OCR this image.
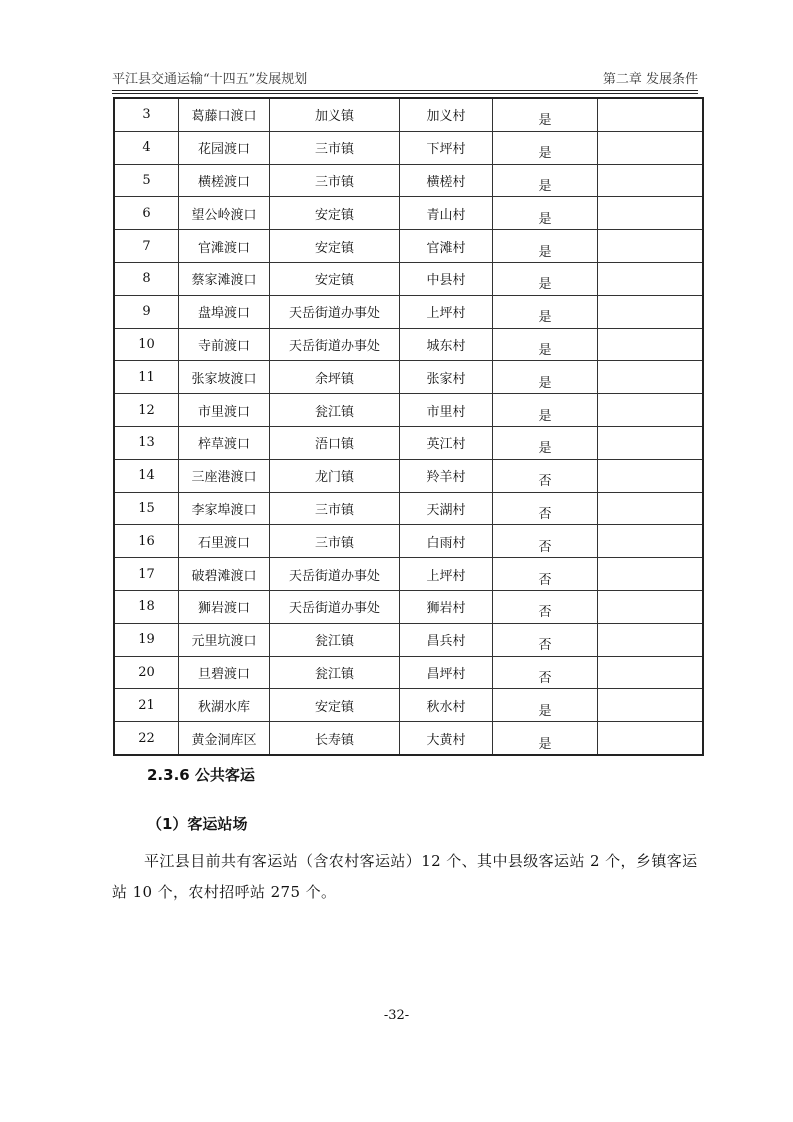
平江县交通运输“十四五”发展规划	第二章 发展条件
3	葛藤口渡口	加义镇	加义村	是	
4	花园渡口	三市镇	下坪村	是	
5	横槎渡口	三市镇	横槎村	是	
6	望公岭渡口	安定镇	青山村	是	
7	官滩渡口	安定镇	官滩村	是	
8	蔡家滩渡口	安定镇	中县村	是	
9	盘埠渡口	天岳街道办事处	上坪村	是	
10	寺前渡口	天岳街道办事处	城东村	是	
11	张家坡渡口	余坪镇	张家村	是	
12	市里渡口	瓮江镇	市里村	是	
13	梓草渡口	浯口镇	英江村	是	
14	三座港渡口	龙门镇	羚羊村	否	
15	李家埠渡口	三市镇	天湖村	否	
16	石里渡口	三市镇	白雨村	否	
17	破碧滩渡口	天岳街道办事处	上坪村	否	
18	狮岩渡口	天岳街道办事处	狮岩村	否	
19	元里坑渡口	瓮江镇	昌兵村	否	
20	旦碧渡口	瓮江镇	昌坪村	否	
21	秋湖水库	安定镇	秋水村	是	
22	黄金洞库区	长寿镇	大黄村	是	
2.3.6 公共客运
（1）客运站场
平江县目前共有客运站（含农村客运站）12 个、其中县级客运站 2 个，乡镇客运站 10 个，农村招呼站 275 个。
-32-
